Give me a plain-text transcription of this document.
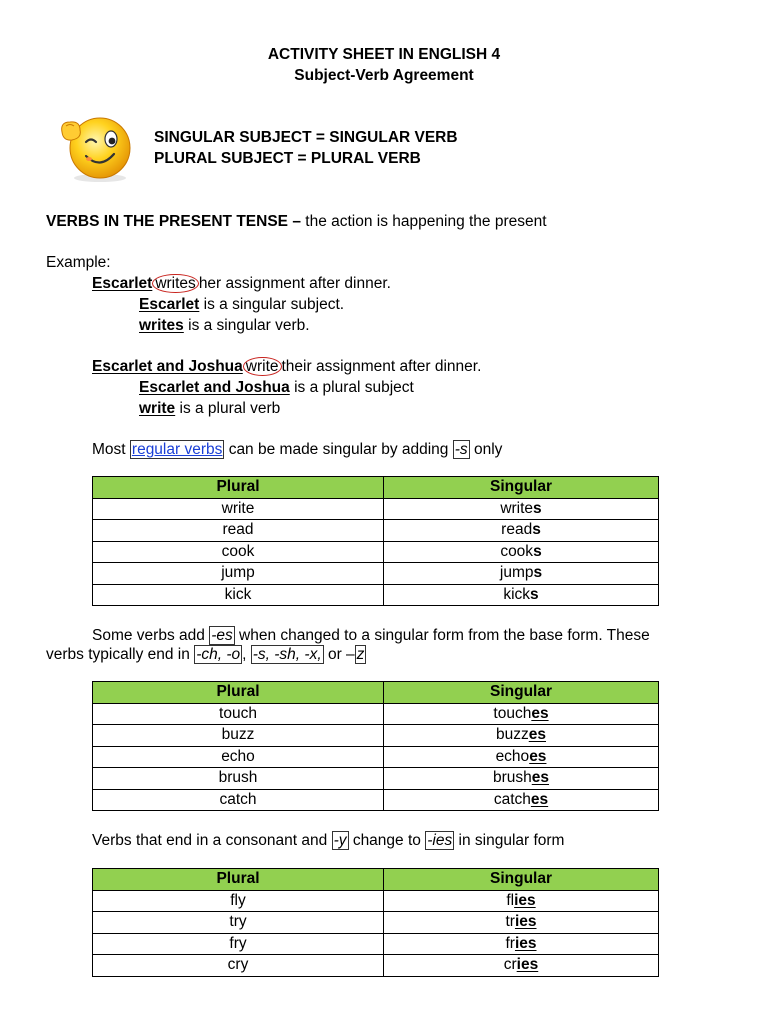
ACTIVITY SHEET IN ENGLISH 4
Subject-Verb Agreement
SINGULAR SUBJECT = SINGULAR VERB
PLURAL SUBJECT = PLURAL VERB
VERBS IN THE PRESENT TENSE – the action is happening the present
Example:
Escarlet writes her assignment after dinner.
Escarlet is a singular subject.
writes is a singular verb.
Escarlet and Joshua write their assignment after dinner.
Escarlet and Joshua is a plural subject
write is a plural verb
Most regular verbs can be made singular by adding -s only
Plural	Singular
write	writes
read	reads
cook	cooks
jump	jumps
kick	kicks
Some verbs add -es when changed to a singular form from the base form. These
verbs typically end in -ch, -o , -s, -sh, -x, or – z
Plural	Singular
touch	touches
buzz	buzzes
echo	echoes
brush	brushes
catch	catches
Verbs that end in a consonant and -y change to -ies in singular form
Plural	Singular
fly	flies
try	tries
fry	fries
cry	cries
